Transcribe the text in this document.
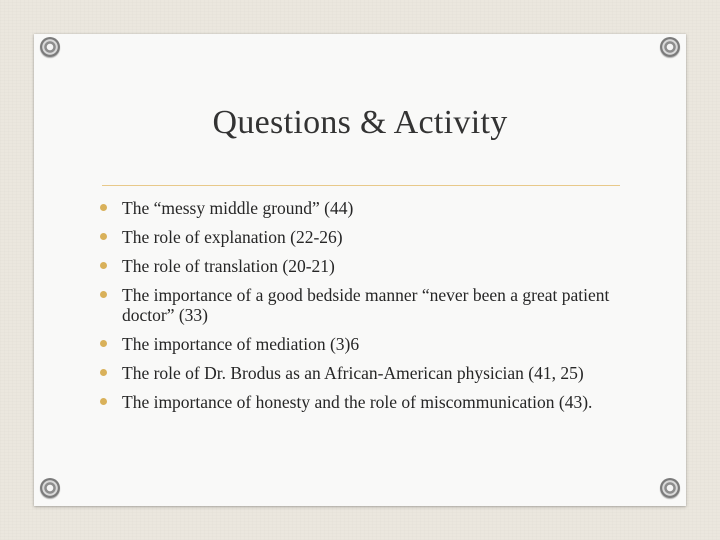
Questions & Activity
The “messy middle ground” (44)
The role of explanation (22-26)
The role of translation (20-21)
The importance of a good bedside manner “never been a great patient doctor” (33)
The importance of mediation (3)6
The role of Dr. Brodus as an African-American physician (41, 25)
The importance of honesty and the role of miscommunication (43).
